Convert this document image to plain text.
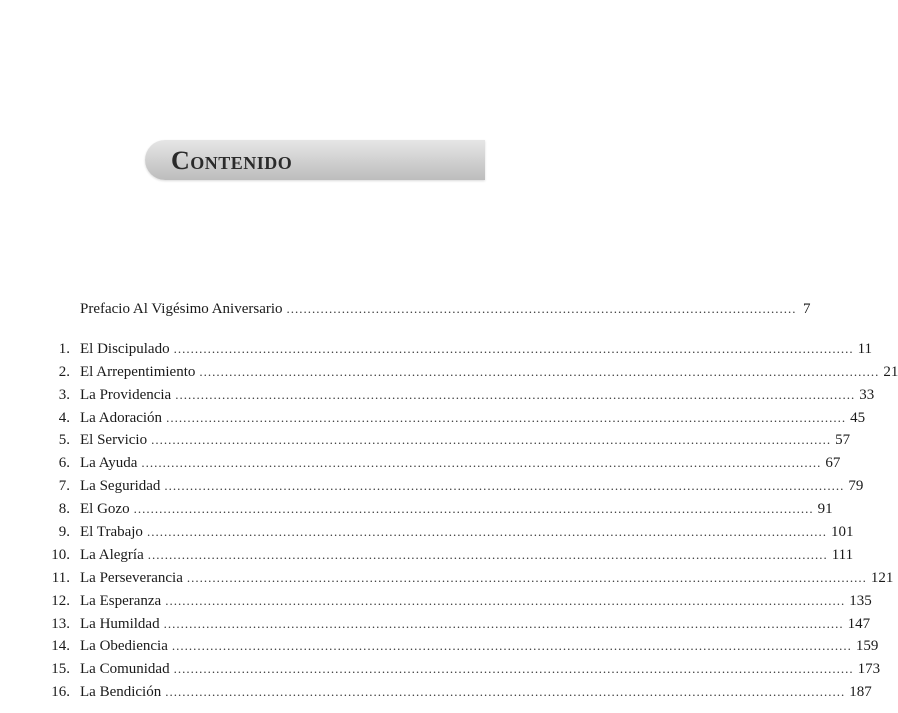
Contenido
Prefacio Al Vigésimo Aniversario ........................................................................................................................ 7
1. El Discipulado ................................................................................................................................................................ 11
2. El Arrepentimiento ................................................................................................................................................................ 21
3. La Providencia ................................................................................................................................................................ 33
4. La Adoración ................................................................................................................................................................ 45
5. El Servicio ................................................................................................................................................................ 57
6. La Ayuda ................................................................................................................................................................ 67
7. La Seguridad ................................................................................................................................................................ 79
8. El Gozo ................................................................................................................................................................ 91
9. El Trabajo ................................................................................................................................................................ 101
10. La Alegría ................................................................................................................................................................ 111
11. La Perseverancia ................................................................................................................................................................ 121
12. La Esperanza ................................................................................................................................................................ 135
13. La Humildad ................................................................................................................................................................ 147
14. La Obediencia ................................................................................................................................................................ 159
15. La Comunidad ................................................................................................................................................................ 173
16. La Bendición ................................................................................................................................................................ 187
